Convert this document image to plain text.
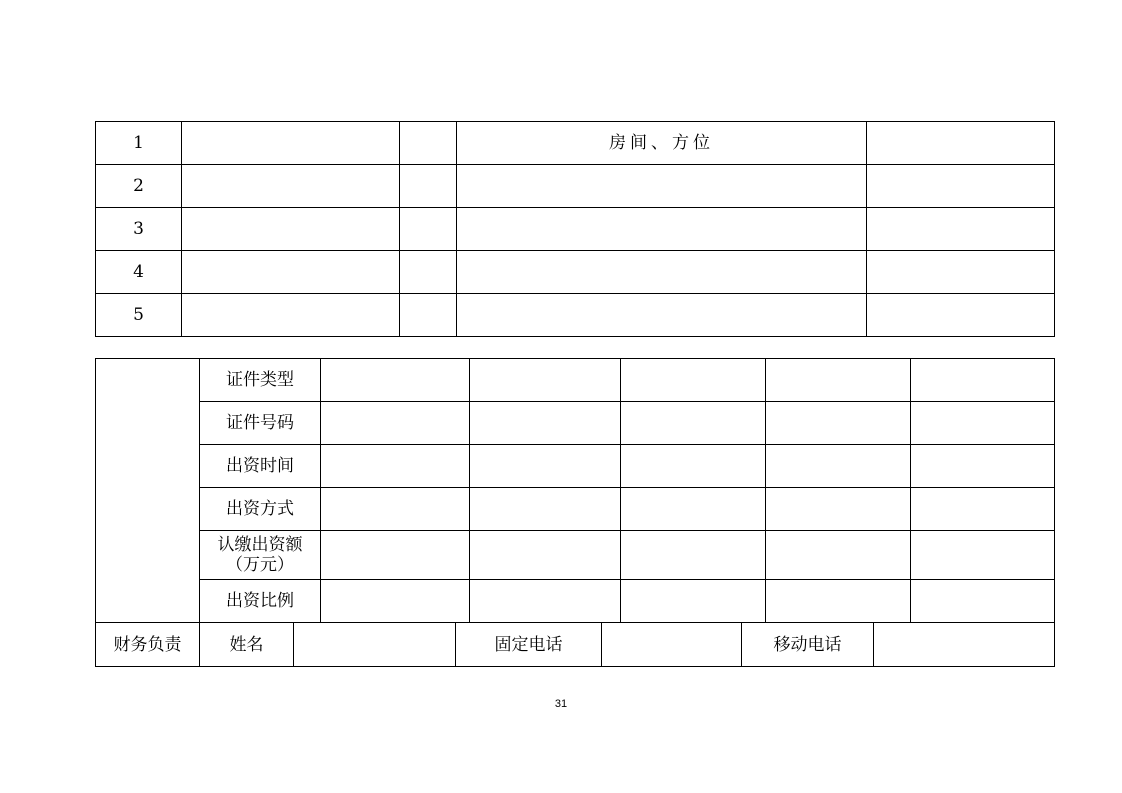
1			房间、方位	
2				
3				
4				
5				
	证件类型					
	证件号码					
	出资时间					
	出资方式					
	认缴出资额
（万元）					
	出资比例					
财务负责	姓名		固定电话		移动电话	
31
